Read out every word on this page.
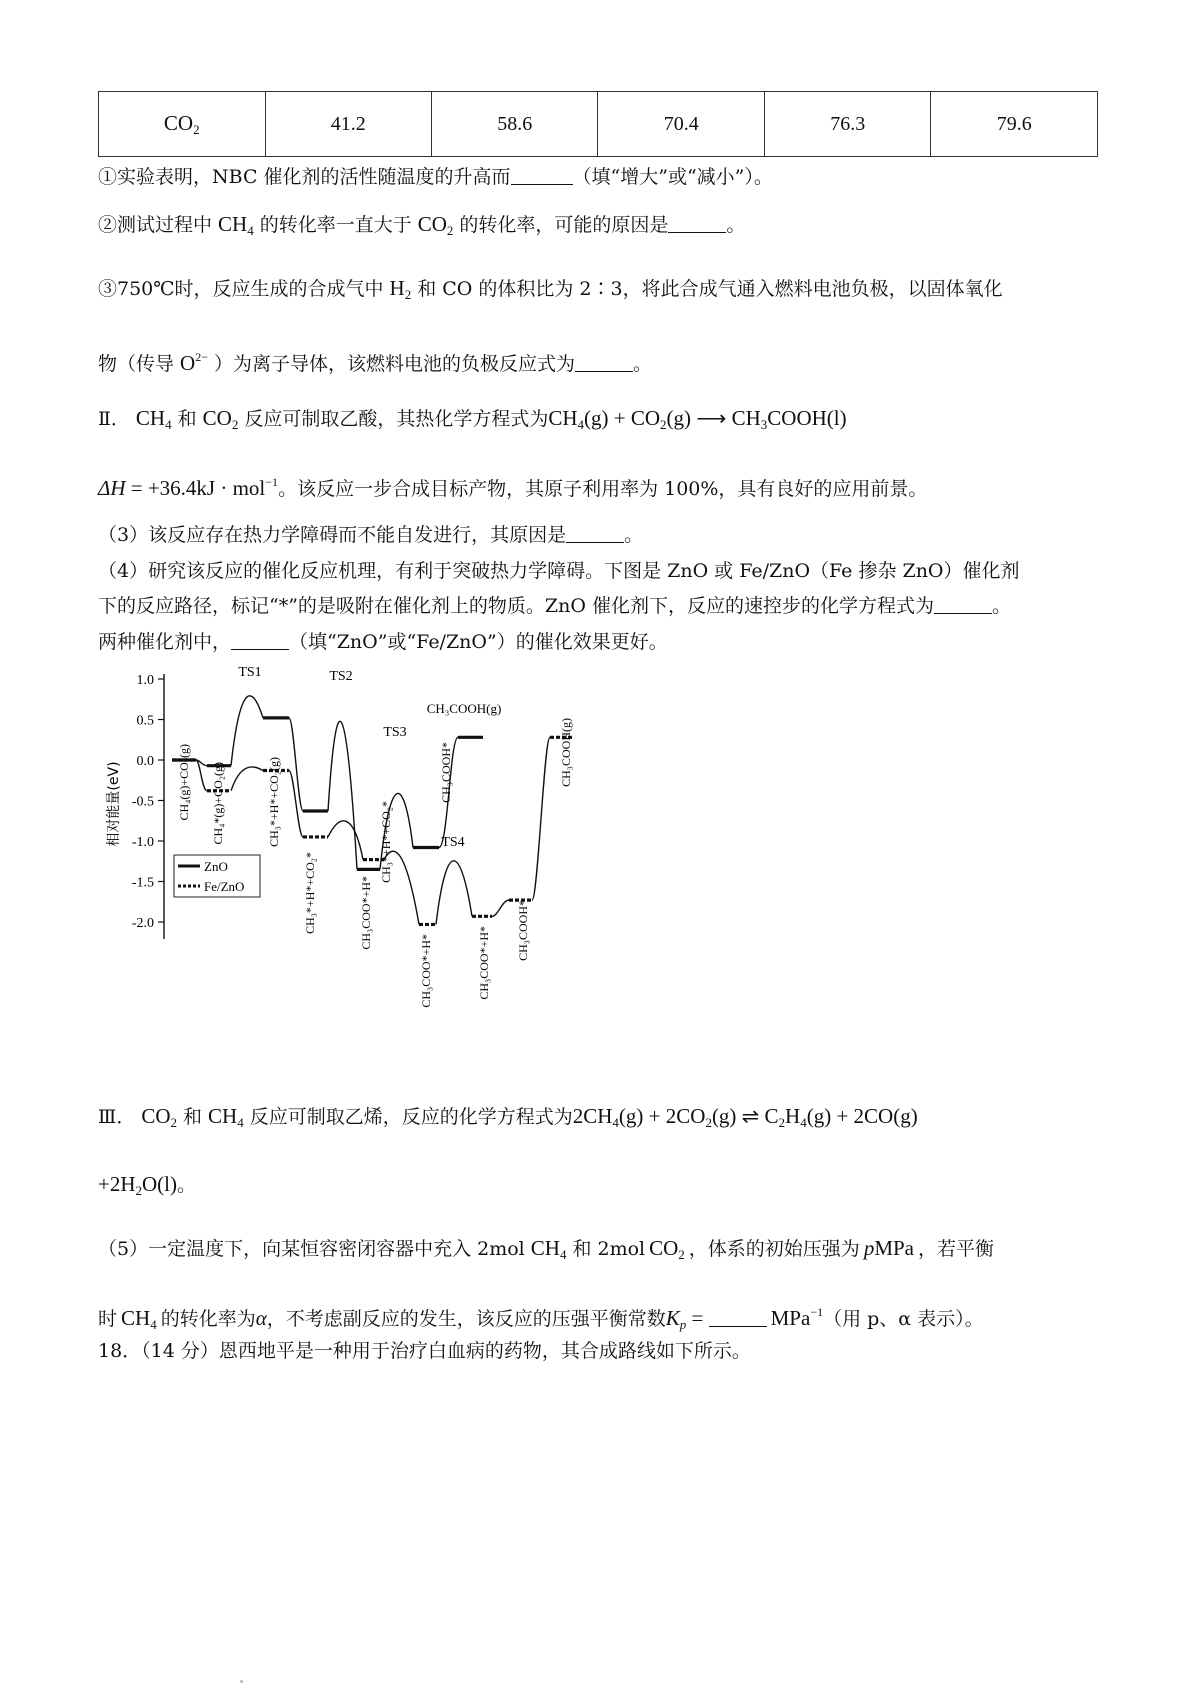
$CO_2$	41.2	58.6	70.4	76.3	79.6
①实验表明，NBC 催化剂的活性随温度的升高而	（填“增大”或“减小”）。
②测试过程中 $CH_4$ 的转化率一直大于 $CO_2$ 的转化率，可能的原因是	。
③750℃时，反应生成的合成气中 $H_2$ 和 CO 的体积比为 2∶3，将此合成气通入燃料电池负极，以固体氧化
物（传导 $O^{2-}$ ）为离子导体，该燃料电池的负极反应式为	。
Ⅱ． $CH_4$ 和 $CO_2$ 反应可制取乙酸，其热化学方程式为$CH_4(g) + CO_2(g)$ ⟶ $CH_3COOH(l)$
ΔH = +36.4kJ · mol$^{-1}$。该反应一步合成目标产物，其原子利用率为 100%，具有良好的应用前景。
（3）该反应存在热力学障碍而不能自发进行，其原因是	。
（4）研究该反应的催化反应机理，有利于突破热力学障碍。下图是 ZnO 或 Fe/ZnO（Fe 掺杂 ZnO）催化剂
下的反应路径，标记“*”的是吸附在催化剂上的物质。ZnO 催化剂下，反应的速控步的化学方程式为	。
两种催化剂中，	（填“ZnO”或“Fe/ZnO”）的催化效果更好。
1.0
0.5
0.0
-0.5
-1.0
-1.5
-2.0
相对能量(eV)
TS1	TS2
TS3
TS4
CH₃COOH(g)
CH₄(g)+CO₂(g) CH₄*(g)+CO₂(g)	CH₃*+H*+CO₂(g)
CH₃*+H*+CO₂*	CH₃COO*+H*
CH₃*+H*+CO₂*
CH₃COOH*
CH₃COO*+H*	CH₃COO*+H* CH₃COOH*
CH₃COOH(g)
ZnO
Fe/ZnO
Ⅲ． $CO_2$ 和 $CH_4$ 反应可制取乙烯，反应的化学方程式为$2CH_4(g) + 2CO_2(g)$ ⇌ $C_2H_4(g) + 2CO(g)$
$+2H_2O(l)$。
（5）一定温度下，向某恒容密闭容器中充入 2mol $CH_4$ 和 2mol $CO_2$ ，体系的初始压强为 pMPa ，若平衡
时 $CH_4$ 的转化率为α，不考虑副反应的发生，该反应的压强平衡常数$K_p$ =	MPa$^{-1}$（用 p、α 表示）。
18．（14 分）恩西地平是一种用于治疗白血病的药物，其合成路线如下所示。
